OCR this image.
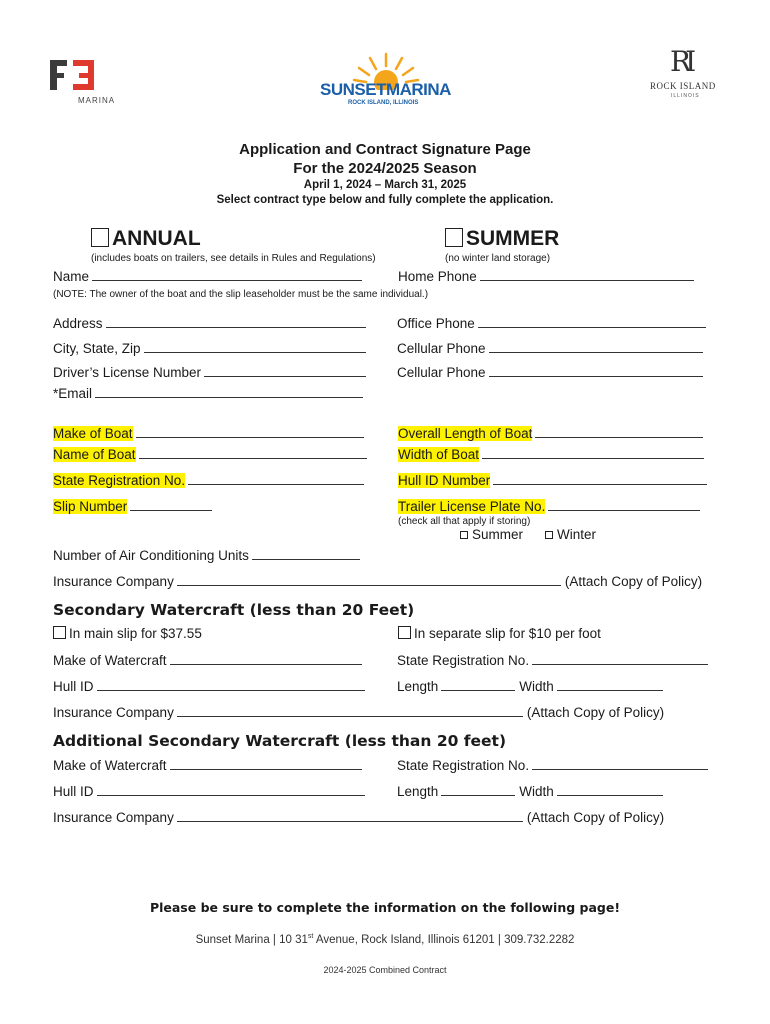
MARINA
SUNSETMARINA
ROCK ISLAND, ILLINOIS
RI
ROCK ISLAND
ILLINOIS
Application and Contract Signature Page
For the 2024/2025 Season
April 1, 2024 – March 31, 2025
Select contract type below and fully complete the application.
ANNUAL
(includes boats on trailers, see details in Rules and Regulations)
SUMMER
(no winter land storage)
Name	Home Phone
(NOTE: The owner of the boat and the slip leaseholder must be the same individual.)
Address	Office Phone
City, State, Zip	Cellular Phone
Driver’s License Number	Cellular Phone
*Email
Make of Boat	Overall Length of Boat
Name of Boat	Width of Boat
State Registration No.	Hull ID Number
Slip Number	Trailer License Plate No.
(check all that apply if storing)
Summer	Winter
Number of Air Conditioning Units
Insurance Company	(Attach Copy of Policy)
Secondary Watercraft (less than 20 Feet)
In main slip for $37.55	In separate slip for $10 per foot
Make of Watercraft	State Registration No.
Hull ID	Length	Width
Insurance Company	(Attach Copy of Policy)
Additional Secondary Watercraft (less than 20 feet)
Make of Watercraft	State Registration No.
Hull ID	Length	Width
Insurance Company	(Attach Copy of Policy)
Please be sure to complete the information on the following page!
Sunset Marina | 10 31st Avenue, Rock Island, Illinois 61201 | 309.732.2282
2024-2025 Combined Contract
